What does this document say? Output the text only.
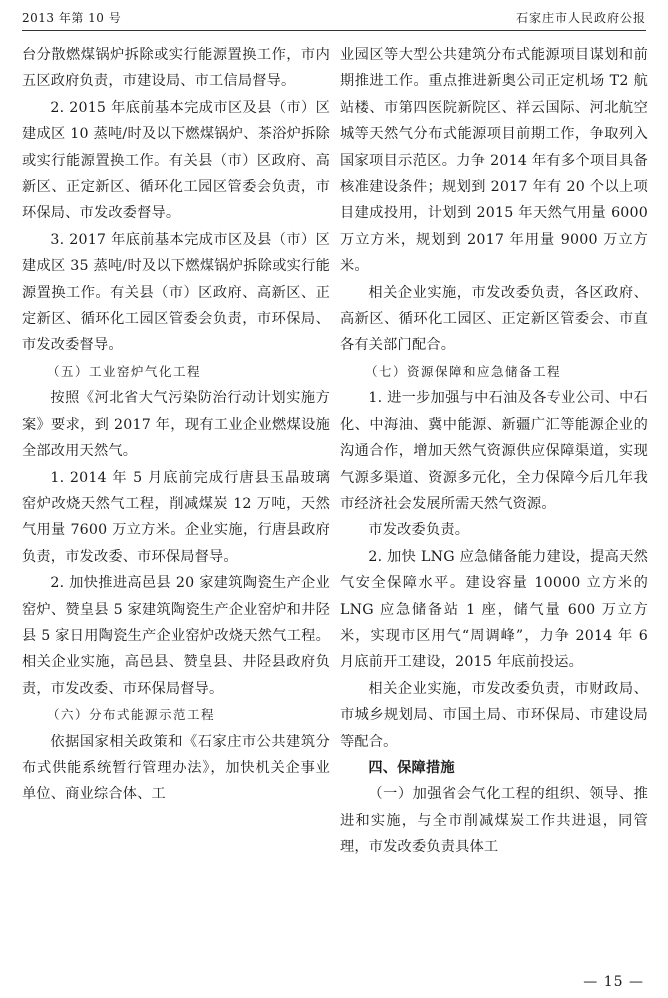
2013 年第 10 号	石家庄市人民政府公报

台分散燃煤锅炉拆除或实行能源置换工作，市内五区政府负责，市建设局、市工信局督导。

2. 2015 年底前基本完成市区及县（市）区建成区 10 蒸吨/时及以下燃煤锅炉、茶浴炉拆除或实行能源置换工作。有关县（市）区政府、高新区、正定新区、循环化工园区管委会负责，市环保局、市发改委督导。

3. 2017 年底前基本完成市区及县（市）区建成区 35 蒸吨/时及以下燃煤锅炉拆除或实行能源置换工作。有关县（市）区政府、高新区、正定新区、循环化工园区管委会负责，市环保局、市发改委督导。

（五）工业窑炉气化工程

按照《河北省大气污染防治行动计划实施方案》要求，到 2017 年，现有工业企业燃煤设施全部改用天然气。

1. 2014 年 5 月底前完成行唐县玉晶玻璃窑炉改烧天然气工程，削减煤炭 12 万吨，天然气用量 7600 万立方米。企业实施，行唐县政府负责，市发改委、市环保局督导。

2. 加快推进高邑县 20 家建筑陶瓷生产企业窑炉、赞皇县 5 家建筑陶瓷生产企业窑炉和井陉县 5 家日用陶瓷生产企业窑炉改烧天然气工程。相关企业实施，高邑县、赞皇县、井陉县政府负责，市发改委、市环保局督导。

（六）分布式能源示范工程

依据国家相关政策和《石家庄市公共建筑分布式供能系统暂行管理办法》，加快机关企事业单位、商业综合体、工

业园区等大型公共建筑分布式能源项目谋划和前期推进工作。重点推进新奥公司正定机场 T2 航站楼、市第四医院新院区、祥云国际、河北航空城等天然气分布式能源项目前期工作，争取列入国家项目示范区。力争 2014 年有多个项目具备核准建设条件；规划到 2017 年有 20 个以上项目建成投用，计划到 2015 年天然气用量 6000 万立方米，规划到 2017 年用量 9000 万立方米。

相关企业实施，市发改委负责，各区政府、高新区、循环化工园区、正定新区管委会、市直各有关部门配合。

（七）资源保障和应急储备工程

1. 进一步加强与中石油及各专业公司、中石化、中海油、冀中能源、新疆广汇等能源企业的沟通合作，增加天然气资源供应保障渠道，实现气源多渠道、资源多元化，全力保障今后几年我市经济社会发展所需天然气资源。

市发改委负责。

2. 加快 LNG 应急储备能力建设，提高天然气安全保障水平。建设容量 10000 立方米的 LNG 应急储备站 1 座，储气量 600 万立方米，实现市区用气“周调峰”，力争 2014 年 6 月底前开工建设，2015 年底前投运。

相关企业实施，市发改委负责，市财政局、市城乡规划局、市国土局、市环保局、市建设局等配合。

四、保障措施

（一）加强省会气化工程的组织、领导、推进和实施，与全市削减煤炭工作共进退，同管理，市发改委负责具体工

— 15 —
